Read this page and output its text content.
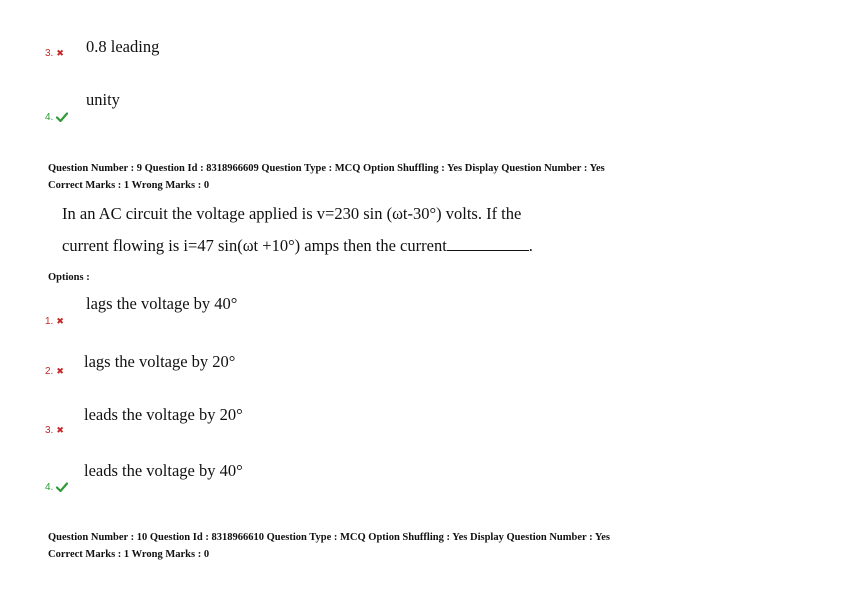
3. ✖ 0.8 leading
4.
unity
Question Number : 9 Question Id : 8318966609 Question Type : MCQ Option Shuffling : Yes Display Question Number : Yes
Correct Marks : 1 Wrong Marks : 0
In an AC circuit the voltage applied is v=230 sin (ωt-30°) volts. If the
current flowing is i=47 sin(ωt +10°) amps then the current	.
Options :
lags the voltage by 40°
1. ✖
2. ✖
lags the voltage by 20°
leads the voltage by 20°
3. ✖
leads the voltage by 40°
4.
Question Number : 10 Question Id : 8318966610 Question Type : MCQ Option Shuffling : Yes Display Question Number : Yes
Correct Marks : 1 Wrong Marks : 0
